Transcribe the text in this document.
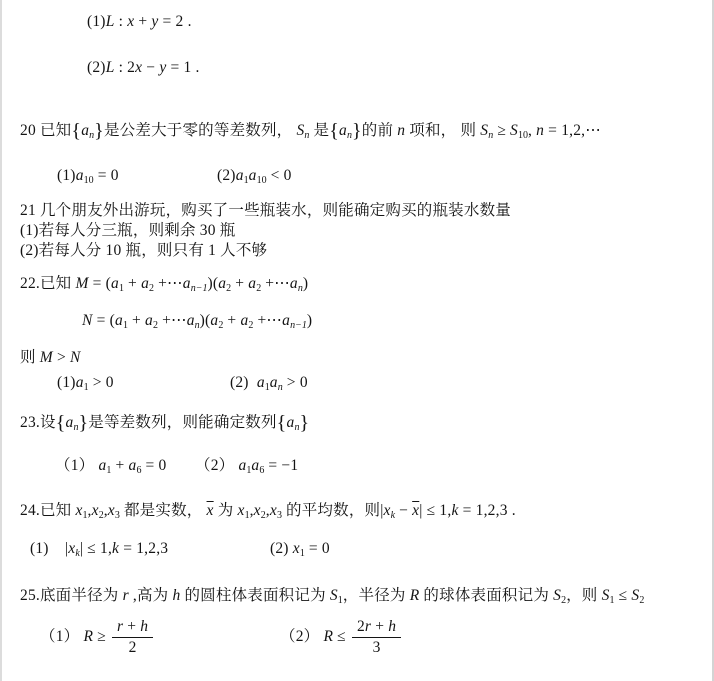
(1)L : x + y = 2 .
(2)L : 2x − y = 1 .
20 已知{an}是公差大于零的等差数列， Sn 是{an}的前 n 项和， 则 Sn ≥ S10, n = 1,2,⋯
(1)a10 = 0	(2)a1a10 < 0
21 几个朋友外出游玩，购买了一些瓶装水，则能确定购买的瓶装水数量
(1)若每人分三瓶，则剩余 30 瓶
(2)若每人分 10 瓶，则只有 1 人不够
22.已知 M = (a1 + a2 +⋯an−1)(a2 + a2 +⋯an)
N = (a1 + a2 +⋯an)(a2 + a2 +⋯an−1)
则 M > N
(1)a1 > 0	(2)  a1an > 0
23.设{an}是等差数列，则能确定数列{an}
（1） a1 + a6 = 0 （2） a1a6 = −1
24.已知 x1,x2,x3 都是实数， $\overline{x}$ 为 x1,x2,x3 的平均数，则$|xk - \overline{x}| \le 1,k = 1,2,3$ .
(1)    |xk| ≤ 1,k = 1,2,3	(2) x1 = 0
25.底面半径为 r ,高为 h 的圆柱体表面积记为 S1，半径为 R 的球体表面积记为 S2，则 S1 ≤ S2
（1） $R \ge \frac{r + h}{2}$	（2） $R \le \frac{2r + h}{3}$
